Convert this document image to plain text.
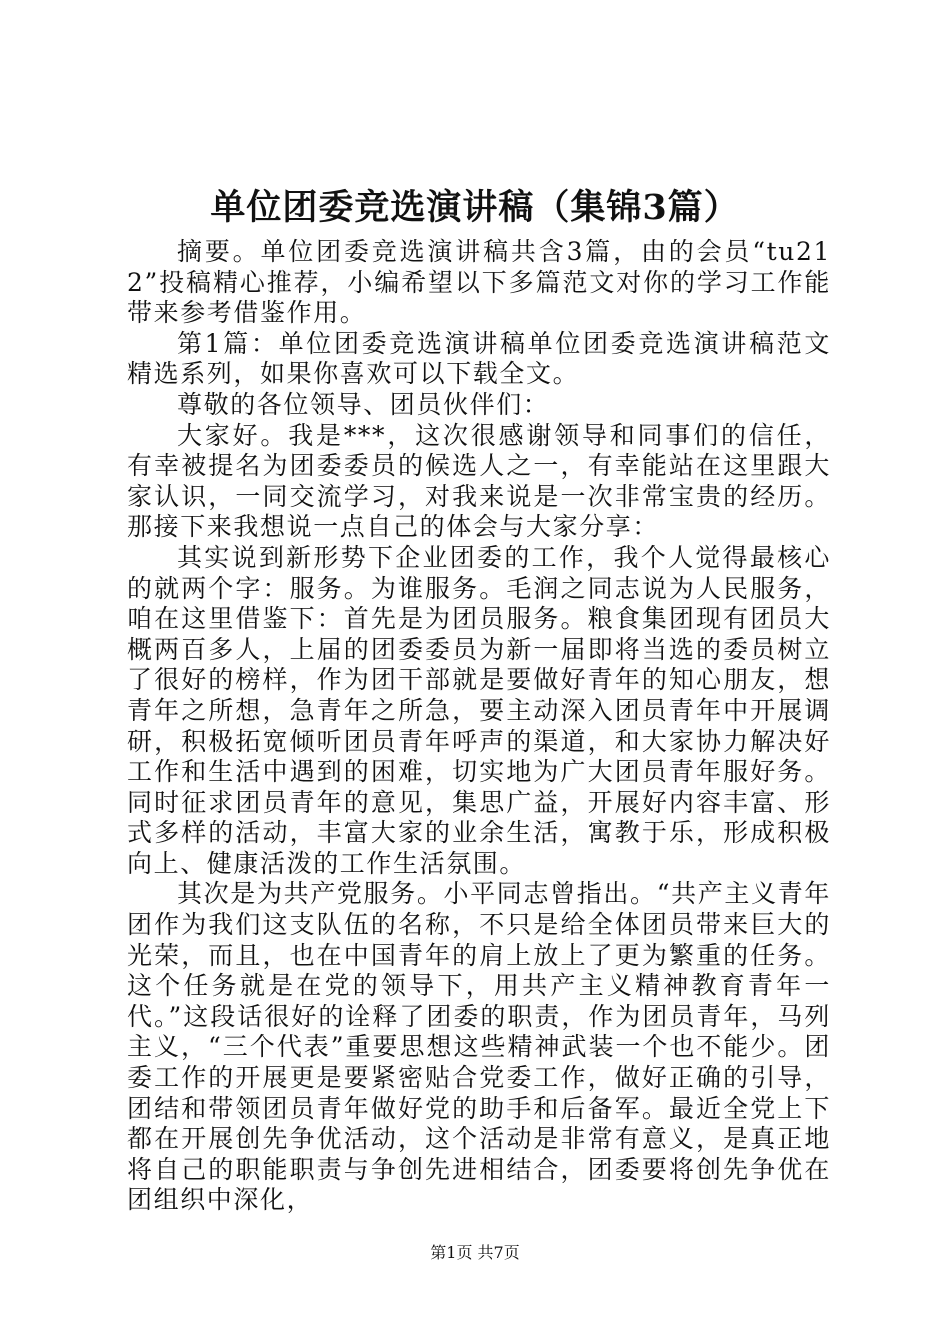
单位团委竞选演讲稿（集锦3篇）

摘要。单位团委竞选演讲稿共含3篇，由的会员“tu212”投稿精心推荐，小编希望以下多篇范文对你的学习工作能带来参考借鉴作用。

第1篇：单位团委竞选演讲稿单位团委竞选演讲稿范文精选系列，如果你喜欢可以下载全文。

尊敬的各位领导、团员伙伴们：

大家好。我是***，这次很感谢领导和同事们的信任，有幸被提名为团委委员的候选人之一，有幸能站在这里跟大家认识，一同交流学习，对我来说是一次非常宝贵的经历。那接下来我想说一点自己的体会与大家分享：

其实说到新形势下企业团委的工作，我个人觉得最核心的就两个字：服务。为谁服务。毛润之同志说为人民服务，咱在这里借鉴下：首先是为团员服务。粮食集团现有团员大概两百多人，上届的团委委员为新一届即将当选的委员树立了很好的榜样，作为团干部就是要做好青年的知心朋友，想青年之所想，急青年之所急，要主动深入团员青年中开展调研，积极拓宽倾听团员青年呼声的渠道，和大家协力解决好工作和生活中遇到的困难，切实地为广大团员青年服好务。同时征求团员青年的意见，集思广益，开展好内容丰富、形式多样的活动，丰富大家的业余生活，寓教于乐，形成积极向上、健康活泼的工作生活氛围。

其次是为共产党服务。小平同志曾指出。“共产主义青年团作为我们这支队伍的名称，不只是给全体团员带来巨大的光荣，而且，也在中国青年的肩上放上了更为繁重的任务。这个任务就是在党的领导下，用共产主义精神教育青年一代。”这段话很好的诠释了团委的职责，作为团员青年，马列主义，“三个代表”重要思想这些精神武装一个也不能少。团委工作的开展更是要紧密贴合党委工作，做好正确的引导，团结和带领团员青年做好党的助手和后备军。最近全党上下都在开展创先争优活动，这个活动是非常有意义，是真正地将自己的职能职责与争创先进相结合，团委要将创先争优在团组织中深化，

第1页 共7页
